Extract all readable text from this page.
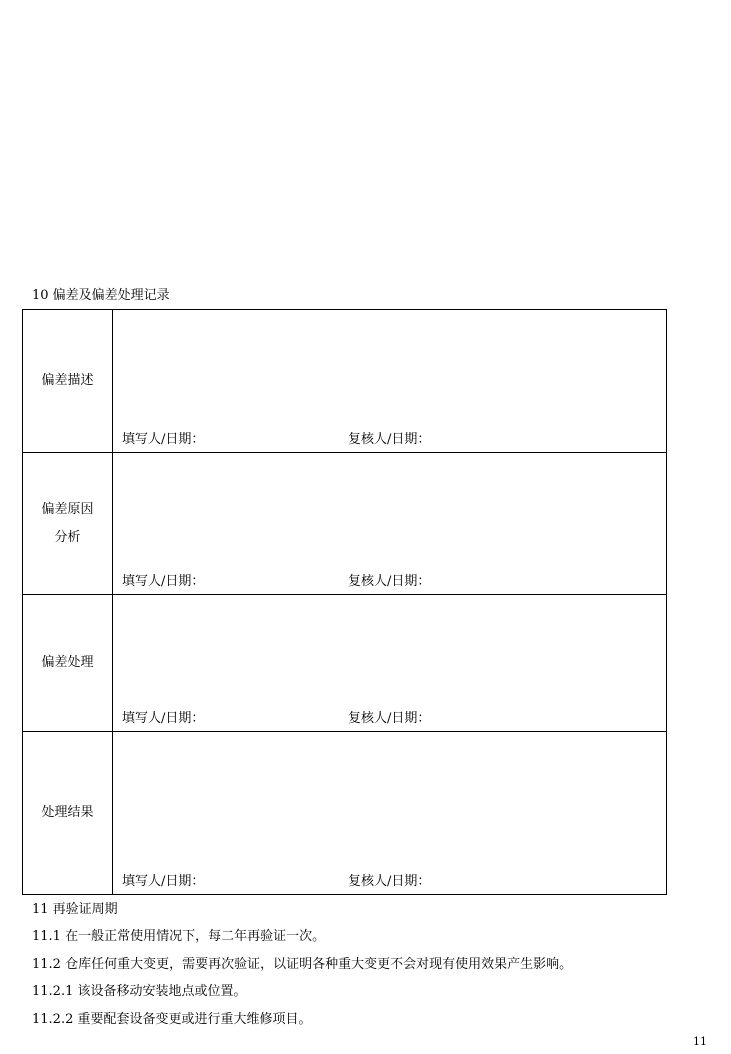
10 偏差及偏差处理记录
偏差描述	填写人/日期： 复核人/日期：

偏差原因分析	填写人/日期： 复核人/日期：

偏差处理	填写人/日期： 复核人/日期：

处理结果	填写人/日期： 复核人/日期：
11 再验证周期
11.1 在一般正常使用情况下，每二年再验证一次。
11.2 仓库任何重大变更，需要再次验证，以证明各种重大变更不会对现有使用效果产生影响。
11.2.1 该设备移动安装地点或位置。
11.2.2 重要配套设备变更或进行重大维修项目。
11
